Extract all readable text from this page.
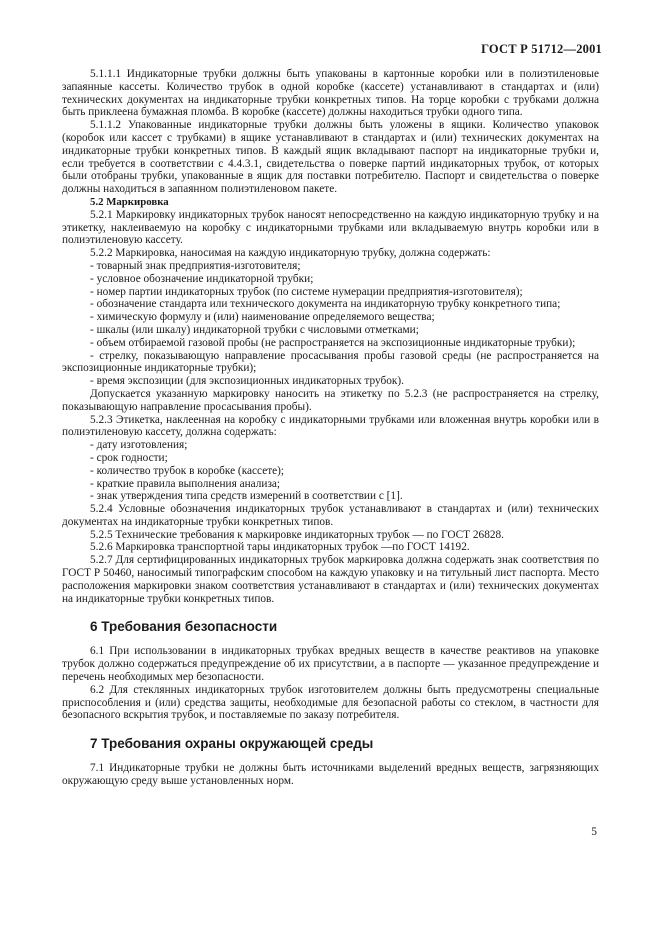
ГОСТ Р 51712—2001

5.1.1.1 Индикаторные трубки должны быть упакованы в картонные коробки или в полиэтиленовые запаянные кассеты. Количество трубок в одной коробке (кассете) устанавливают в стандартах и (или) технических документах на индикаторные трубки конкретных типов. На торце коробки с трубками должна быть приклеена бумажная пломба. В коробке (кассете) должны находиться трубки одного типа.

5.1.1.2 Упакованные индикаторные трубки должны быть уложены в ящики. Количество упаковок (коробок или кассет с трубками) в ящике устанавливают в стандартах и (или) технических документах на индикаторные трубки конкретных типов. В каждый ящик вкладывают паспорт на индикаторные трубки и, если требуется в соответствии с 4.4.3.1, свидетельства о поверке партий индикаторных трубок, от которых были отобраны трубки, упакованные в ящик для поставки потребителю. Паспорт и свидетельства о поверке должны находиться в запаянном полиэтиленовом пакете.

5.2 Маркировка

5.2.1 Маркировку индикаторных трубок наносят непосредственно на каждую индикаторную трубку и на этикетку, наклеиваемую на коробку с индикаторными трубками или вкладываемую внутрь коробки или в полиэтиленовую кассету.

5.2.2 Маркировка, наносимая на каждую индикаторную трубку, должна содержать:

- товарный знак предприятия-изготовителя;

- условное обозначение индикаторной трубки;

- номер партии индикаторных трубок (по системе нумерации предприятия-изготовителя);

- обозначение стандарта или технического документа на индикаторную трубку конкретного типа;

- химическую формулу и (или) наименование определяемого вещества;

- шкалы (или шкалу) индикаторной трубки с числовыми отметками;

- объем отбираемой газовой пробы (не распространяется на экспозиционные индикаторные трубки);

- стрелку, показывающую направление просасывания пробы газовой среды (не распространяется на экспозиционные индикаторные трубки);

- время экспозиции (для экспозиционных индикаторных трубок).

Допускается указанную маркировку наносить на этикетку по 5.2.3 (не распространяется на стрелку, показывающую направление просасывания пробы).

5.2.3 Этикетка, наклеенная на коробку с индикаторными трубками или вложенная внутрь коробки или в полиэтиленовую кассету, должна содержать:

- дату изготовления;

- срок годности;

- количество трубок в коробке (кассете);

- краткие правила выполнения анализа;

- знак утверждения типа средств измерений в соответствии с [1].

5.2.4 Условные обозначения индикаторных трубок устанавливают в стандартах и (или) технических документах на индикаторные трубки конкретных типов.

5.2.5 Технические требования к маркировке индикаторных трубок — по ГОСТ 26828.

5.2.6 Маркировка транспортной тары индикаторных трубок —по ГОСТ 14192.

5.2.7 Для сертифицированных индикаторных трубок маркировка должна содержать знак соответствия по ГОСТ Р 50460, наносимый типографским способом на каждую упаковку и на титульный лист паспорта. Место расположения маркировки знаком соответствия устанавливают в стандартах и (или) технических документах на индикаторные трубки конкретных типов.

6 Требования безопасности

6.1 При использовании в индикаторных трубках вредных веществ в качестве реактивов на упаковке трубок должно содержаться предупреждение об их присутствии, а в паспорте — указанное предупреждение и перечень необходимых мер безопасности.

6.2 Для стеклянных индикаторных трубок изготовителем должны быть предусмотрены специальные приспособления и (или) средства защиты, необходимые для безопасной работы со стеклом, в частности для безопасного вскрытия трубок, и поставляемые по заказу потребителя.

7 Требования охраны окружающей среды

7.1 Индикаторные трубки не должны быть источниками выделений вредных веществ, загрязняющих окружающую среду выше установленных норм.

5
